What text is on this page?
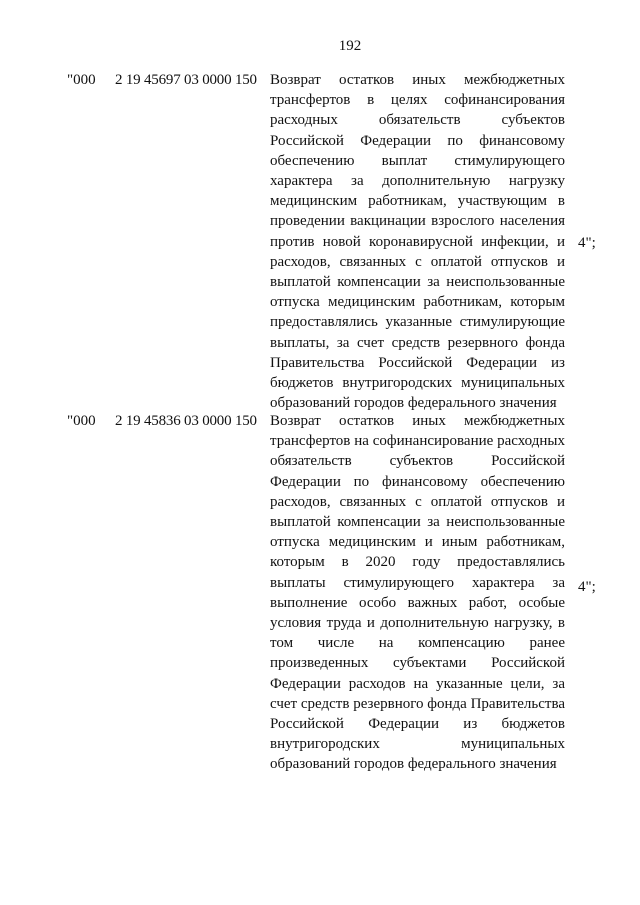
192
"000 2 19 45697 03 0000 150 Возврат остатков иных межбюджетных трансфертов в целях софинансирования расходных обязательств субъектов Российской Федерации по финансовому обеспечению выплат стимулирующего характера за дополнительную нагрузку медицинским работникам, участвующим в проведении вакцинации взрослого населения против новой коронавирусной инфекции, и расходов, связанных с оплатой отпусков и выплатой компенсации за неиспользованные отпуска медицинским работникам, которым предоставлялись указанные стимулирующие выплаты, за счет средств резервного фонда Правительства Российской Федерации из бюджетов внутригородских муниципальных образований городов федерального значения
4";
"000 2 19 45836 03 0000 150 Возврат остатков иных межбюджетных трансфертов на софинансирование расходных обязательств субъектов Российской Федерации по финансовому обеспечению расходов, связанных с оплатой отпусков и выплатой компенсации за неиспользованные отпуска медицинским и иным работникам, которым в 2020 году предоставлялись выплаты стимулирующего характера за выполнение особо важных работ, особые условия труда и дополнительную нагрузку, в том числе на компенсацию ранее произведенных субъектами Российской Федерации расходов на указанные цели, за счет средств резервного фонда Правительства Российской Федерации из бюджетов внутригородских муниципальных образований городов федерального значения
4";
